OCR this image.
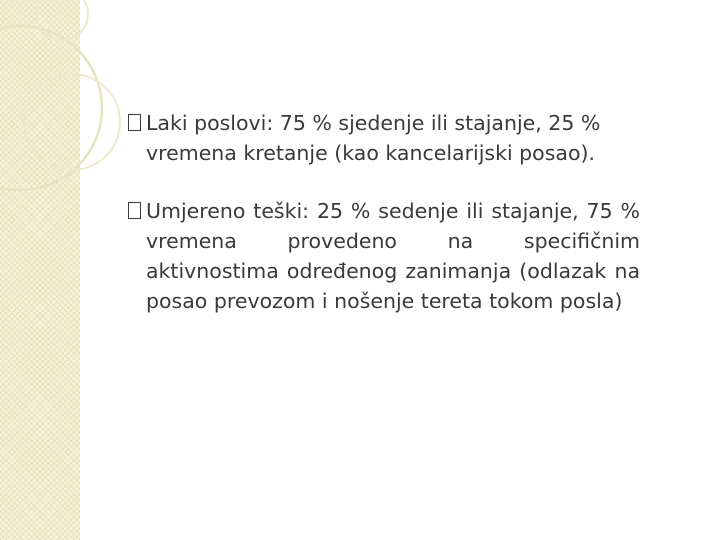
Laki poslovi: 75 % sjedenje ili stajanje, 25 % vremena kretanje (kao kancelarijski posao).
Umjereno teški: 25 % sedenje ili stajanje, 75 % vremena provedeno na specifičnim aktivnostima određenog zanimanja (odlazak na posao prevozom i nošenje tereta tokom posla)
